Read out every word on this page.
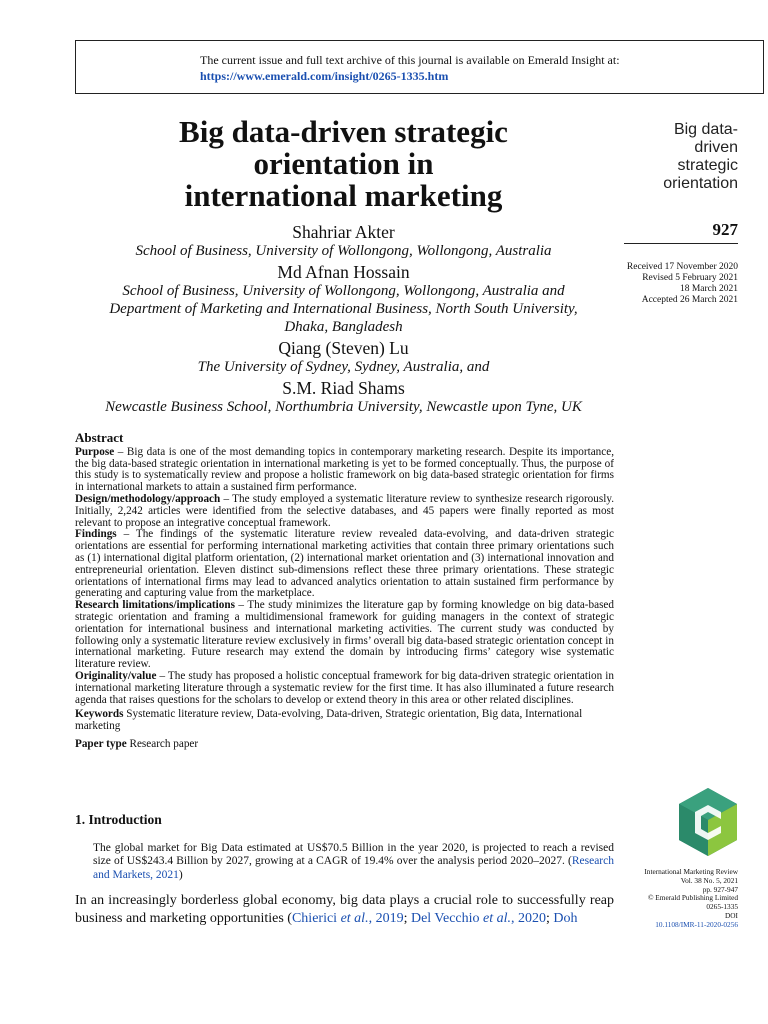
The current issue and full text archive of this journal is available on Emerald Insight at:
https://www.emerald.com/insight/0265-1335.htm
Big data-driven strategic
orientation in
international marketing
Shahriar Akter
School of Business, University of Wollongong, Wollongong, Australia
Md Afnan Hossain
School of Business, University of Wollongong, Wollongong, Australia and
Department of Marketing and International Business, North South University,
Dhaka, Bangladesh
Qiang (Steven) Lu
The University of Sydney, Sydney, Australia, and
S.M. Riad Shams
Newcastle Business School, Northumbria University, Newcastle upon Tyne, UK
Big data-
driven
strategic
orientation
927
Received 17 November 2020
Revised 5 February 2021
18 March 2021
Accepted 26 March 2021
Abstract

Purpose – Big data is one of the most demanding topics in contemporary marketing research. Despite its importance, the big data-based strategic orientation in international marketing is yet to be formed conceptually. Thus, the purpose of this study is to systematically review and propose a holistic framework on big data-based strategic orientation for firms in international markets to attain a sustained firm performance.

Design/methodology/approach – The study employed a systematic literature review to synthesize research rigorously. Initially, 2,242 articles were identified from the selective databases, and 45 papers were finally reported as most relevant to propose an integrative conceptual framework.

Findings – The findings of the systematic literature review revealed data-evolving, and data-driven strategic orientations are essential for performing international marketing activities that contain three primary orientations such as (1) international digital platform orientation, (2) international market orientation and (3) international innovation and entrepreneurial orientation. Eleven distinct sub-dimensions reflect these three primary orientations. These strategic orientations of international firms may lead to advanced analytics orientation to attain sustained firm performance by generating and capturing value from the marketplace.

Research limitations/implications – The study minimizes the literature gap by forming knowledge on big data-based strategic orientation and framing a multidimensional framework for guiding managers in the context of strategic orientation for international business and international marketing activities. The current study was conducted by following only a systematic literature review exclusively in firms’ overall big data-based strategic orientation concept in international marketing. Future research may extend the domain by introducing firms’ category wise systematic literature review.

Originality/value – The study has proposed a holistic conceptual framework for big data-driven strategic orientation in international marketing literature through a systematic review for the first time. It has also illuminated a future research agenda that raises questions for the scholars to develop or extend theory in this area or other related disciplines.

Keywords Systematic literature review, Data-evolving, Data-driven, Strategic orientation, Big data, International marketing

Paper type Research paper

1. Introduction

The global market for Big Data estimated at US$70.5 Billion in the year 2020, is projected to reach a revised size of US$243.4 Billion by 2027, growing at a CAGR of 19.4% over the analysis period 2020–2027. (Research and Markets, 2021)

In an increasingly borderless global economy, big data plays a crucial role to successfully reap business and marketing opportunities (Chierici et al., 2019; Del Vecchio et al., 2020; Doh

International Marketing Review
Vol. 38 No. 5, 2021
pp. 927-947
© Emerald Publishing Limited
0265-1335
DOI
10.1108/IMR-11-2020-0256
